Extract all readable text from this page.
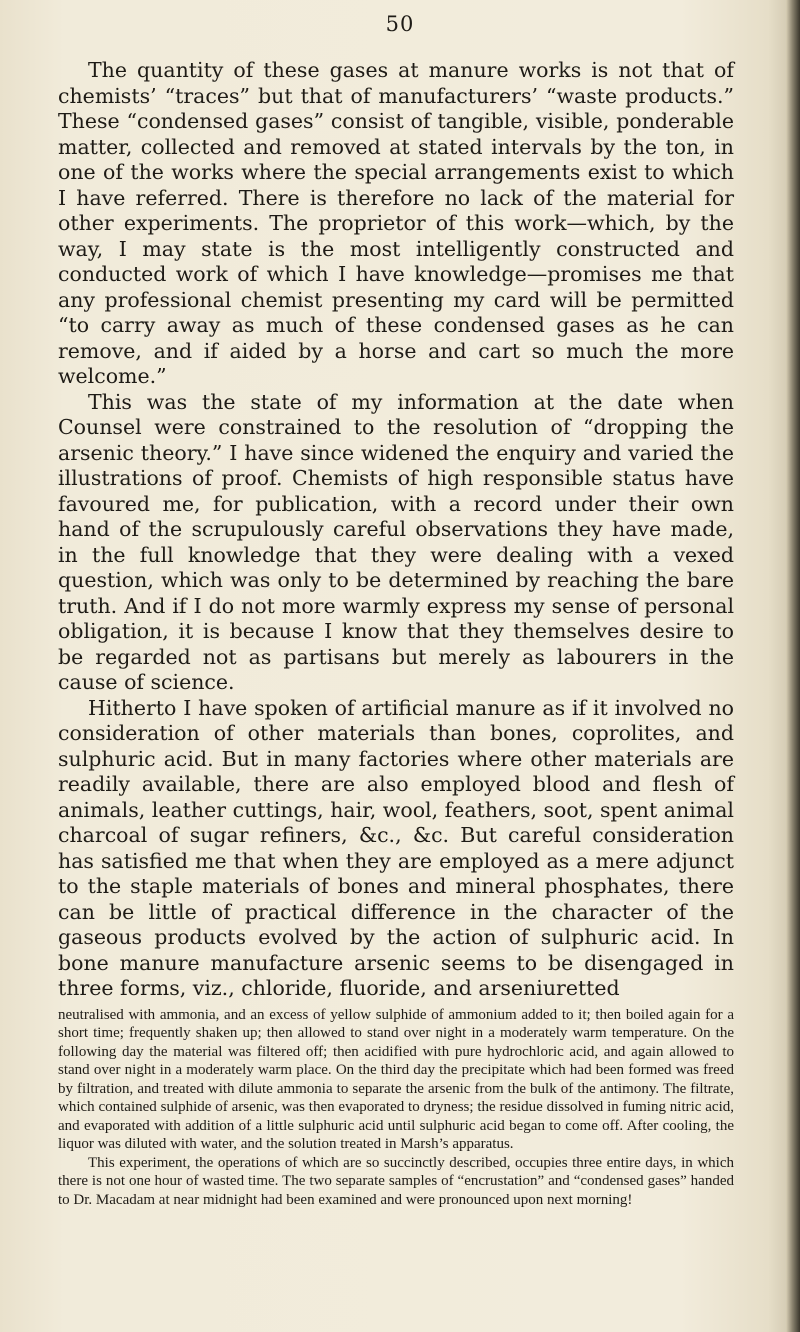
50

The quantity of these gases at manure works is not that of chemists’ “traces” but that of manufacturers’ “waste products.” These “condensed gases” consist of tangible, visible, ponderable matter, collected and removed at stated intervals by the ton, in one of the works where the special arrangements exist to which I have referred. There is therefore no lack of the material for other experiments. The proprietor of this work—which, by the way, I may state is the most intelligently constructed and conducted work of which I have knowledge—promises me that any professional chemist presenting my card will be permitted “to carry away as much of these condensed gases as he can remove, and if aided by a horse and cart so much the more welcome.”

This was the state of my information at the date when Counsel were constrained to the resolution of “dropping the arsenic theory.” I have since widened the enquiry and varied the illustrations of proof. Chemists of high responsible status have favoured me, for publication, with a record under their own hand of the scrupulously careful observations they have made, in the full knowledge that they were dealing with a vexed question, which was only to be determined by reaching the bare truth. And if I do not more warmly express my sense of personal obligation, it is because I know that they themselves desire to be regarded not as partisans but merely as labourers in the cause of science.

Hitherto I have spoken of artificial manure as if it involved no consideration of other materials than bones, coprolites, and sulphuric acid. But in many factories where other materials are readily available, there are also employed blood and flesh of animals, leather cuttings, hair, wool, feathers, soot, spent animal charcoal of sugar refiners, &c., &c. But careful consideration has satisfied me that when they are employed as a mere adjunct to the staple materials of bones and mineral phosphates, there can be little of practical difference in the character of the gaseous products evolved by the action of sulphuric acid. In bone manure manufacture arsenic seems to be disengaged in three forms, viz., chloride, fluoride, and arseniuretted

neutralised with ammonia, and an excess of yellow sulphide of ammonium added to it; then boiled again for a short time; frequently shaken up; then allowed to stand over night in a moderately warm temperature. On the following day the material was filtered off; then acidified with pure hydrochloric acid, and again allowed to stand over night in a moderately warm place. On the third day the precipitate which had been formed was freed by filtration, and treated with dilute ammonia to separate the arsenic from the bulk of the antimony. The filtrate, which contained sulphide of arsenic, was then evaporated to dryness; the residue dissolved in fuming nitric acid, and evaporated with addition of a little sulphuric acid until sulphuric acid began to come off. After cooling, the liquor was diluted with water, and the solution treated in Marsh’s apparatus.

This experiment, the operations of which are so succinctly described, occupies three entire days, in which there is not one hour of wasted time. The two separate samples of “encrustation” and “condensed gases” handed to Dr. Macadam at near midnight had been examined and were pronounced upon next morning!
